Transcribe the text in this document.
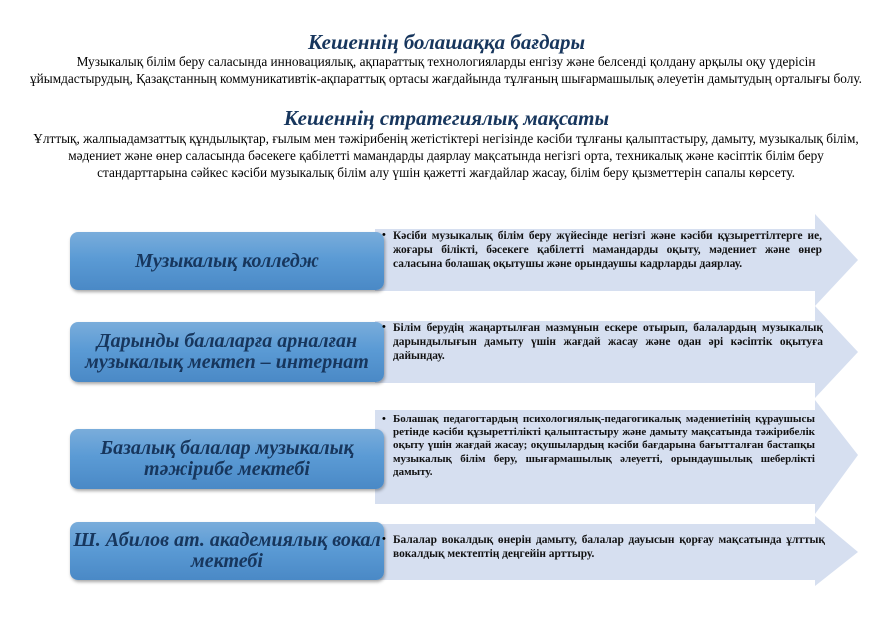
Кешеннің болашаққа бағдары

Музыкалық білім беру саласында инновациялық, ақпараттық технологияларды енгізу және белсенді қолдану арқылы оқу үдерісін ұйымдастырудың, Қазақстанның коммуникативтік-ақпараттық ортасы жағдайында тұлғаның шығармашылық әлеуетін дамытудың орталығы болу.

Кешеннің стратегиялық мақсаты

Ұлттық, жалпыадамзаттық құндылықтар, ғылым мен тәжірибенің жетістіктері негізінде кәсіби тұлғаны қалыптастыру, дамыту, музыкалық білім, мәдениет және өнер саласында бәсекеге қабілетті мамандарды даярлау мақсатында негізгі орта, техникалық және кәсіптік білім беру стандарттарына сәйкес кәсіби музыкалық білім алу үшін қажетті жағдайлар жасау, білім беру қызметтерін сапалы көрсету.

Музыкалық колледж
• Кәсіби музыкалық білім беру жүйесінде негізгі және кәсіби құзыреттілтерге ие, жоғары білікті, бәсекеге қабілетті мамандарды оқыту, мәдениет және өнер саласына болашақ оқытушы және орындаушы кадрларды даярлау.

Дарынды балаларға арналған музыкалық мектеп – интернат
• Білім берудің жаңартылған мазмұнын ескере отырып, балалардың музыкалық дарындылығын дамыту үшін жағдай жасау және одан әрі кәсіптік оқытуға дайындау.

Базалық балалар музыкалық тәжірибе мектебі
• Болашақ педагогтардың психологиялық-педагогикалық мәдениетінің құраушысы ретінде кәсіби құзыреттілікті қалыптастыру және дамыту мақсатында тәжірибелік оқыту үшін жағдай жасау; оқушылардың кәсіби бағдарына бағытталған бастапқы музыкалық білім беру, шығармашылық әлеуетті, орындаушылық шеберлікті дамыту.

Ш. Абилов ат. академиялық вокал мектебі
• Балалар вокалдық өнерін дамыту, балалар дауысын қорғау мақсатында ұлттық вокалдық мектептің деңгейін арттыру.
